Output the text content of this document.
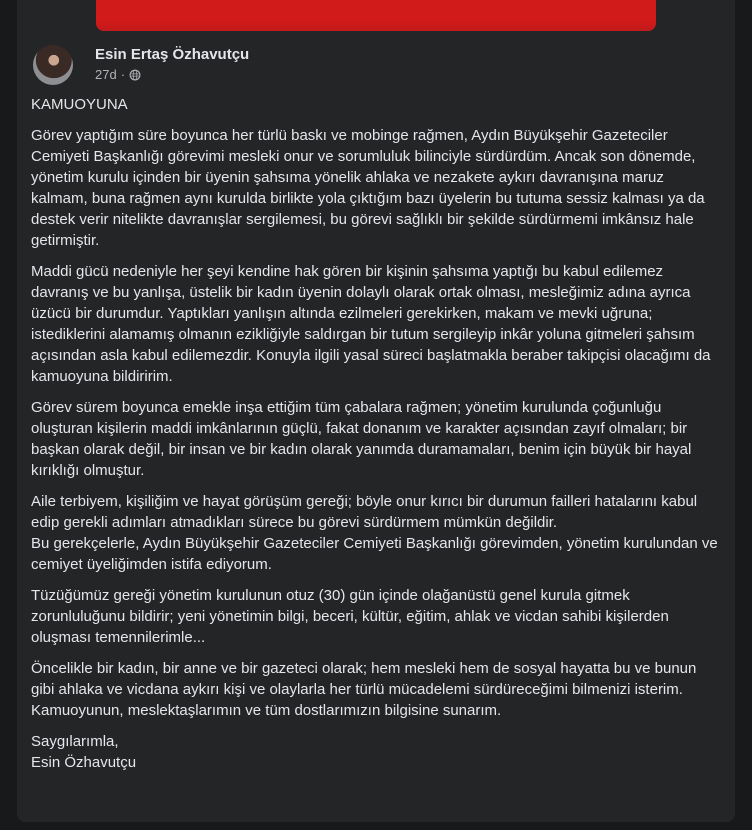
Esin Ertaş Özhavutçu
27d ·

KAMUOYUNA

Görev yaptığım süre boyunca her türlü baskı ve mobinge rağmen, Aydın Büyükşehir Gazeteciler Cemiyeti Başkanlığı görevimi mesleki onur ve sorumluluk bilinciyle sürdürdüm. Ancak son dönemde, yönetim kurulu içinden bir üyenin şahsıma yönelik ahlaka ve nezakete aykırı davranışına maruz kalmam, buna rağmen aynı kurulda birlikte yola çıktığım bazı üyelerin bu tutuma sessiz kalması ya da destek verir nitelikte davranışlar sergilemesi, bu görevi sağlıklı bir şekilde sürdürmemi imkânsız hale getirmiştir.

Maddi gücü nedeniyle her şeyi kendine hak gören bir kişinin şahsıma yaptığı bu kabul edilemez davranış ve bu yanlışa, üstelik bir kadın üyenin dolaylı olarak ortak olması, mesleğimiz adına ayrıca üzücü bir durumdur. Yaptıkları yanlışın altında ezilmeleri gerekirken, makam ve mevki uğruna; istediklerini alamamış olmanın ezikliğiyle saldırgan bir tutum sergileyip inkâr yoluna gitmeleri şahsım açısından asla kabul edilemezdir. Konuyla ilgili yasal süreci başlatmakla beraber takipçisi olacağımı da kamuoyuna bildiririm.

Görev sürem boyunca emekle inşa ettiğim tüm çabalara rağmen; yönetim kurulunda çoğunluğu oluşturan kişilerin maddi imkânlarının güçlü, fakat donanım ve karakter açısından zayıf olmaları; bir başkan olarak değil, bir insan ve bir kadın olarak yanımda duramamaları, benim için büyük bir hayal kırıklığı olmuştur.

Aile terbiyem, kişiliğim ve hayat görüşüm gereği; böyle onur kırıcı bir durumun failleri hatalarını kabul edip gerekli adımları atmadıkları sürece bu görevi sürdürmem mümkün değildir.
Bu gerekçelerle, Aydın Büyükşehir Gazeteciler Cemiyeti Başkanlığı görevimden, yönetim kurulundan ve cemiyet üyeliğimden istifa ediyorum.

Tüzüğümüz gereği yönetim kurulunun otuz (30) gün içinde olağanüstü genel kurula gitmek zorunluluğunu bildirir; yeni yönetimin bilgi, beceri, kültür, eğitim, ahlak ve vicdan sahibi kişilerden oluşması temennilerimle...

Öncelikle bir kadın, bir anne ve bir gazeteci olarak; hem mesleki hem de sosyal hayatta bu ve bunun gibi ahlaka ve vicdana aykırı kişi ve olaylarla her türlü mücadelemi sürdüreceğimi bilmenizi isterim.
Kamuoyunun, meslektaşlarımın ve tüm dostlarımızın bilgisine sunarım.

Saygılarımla,
Esin Özhavutçu
